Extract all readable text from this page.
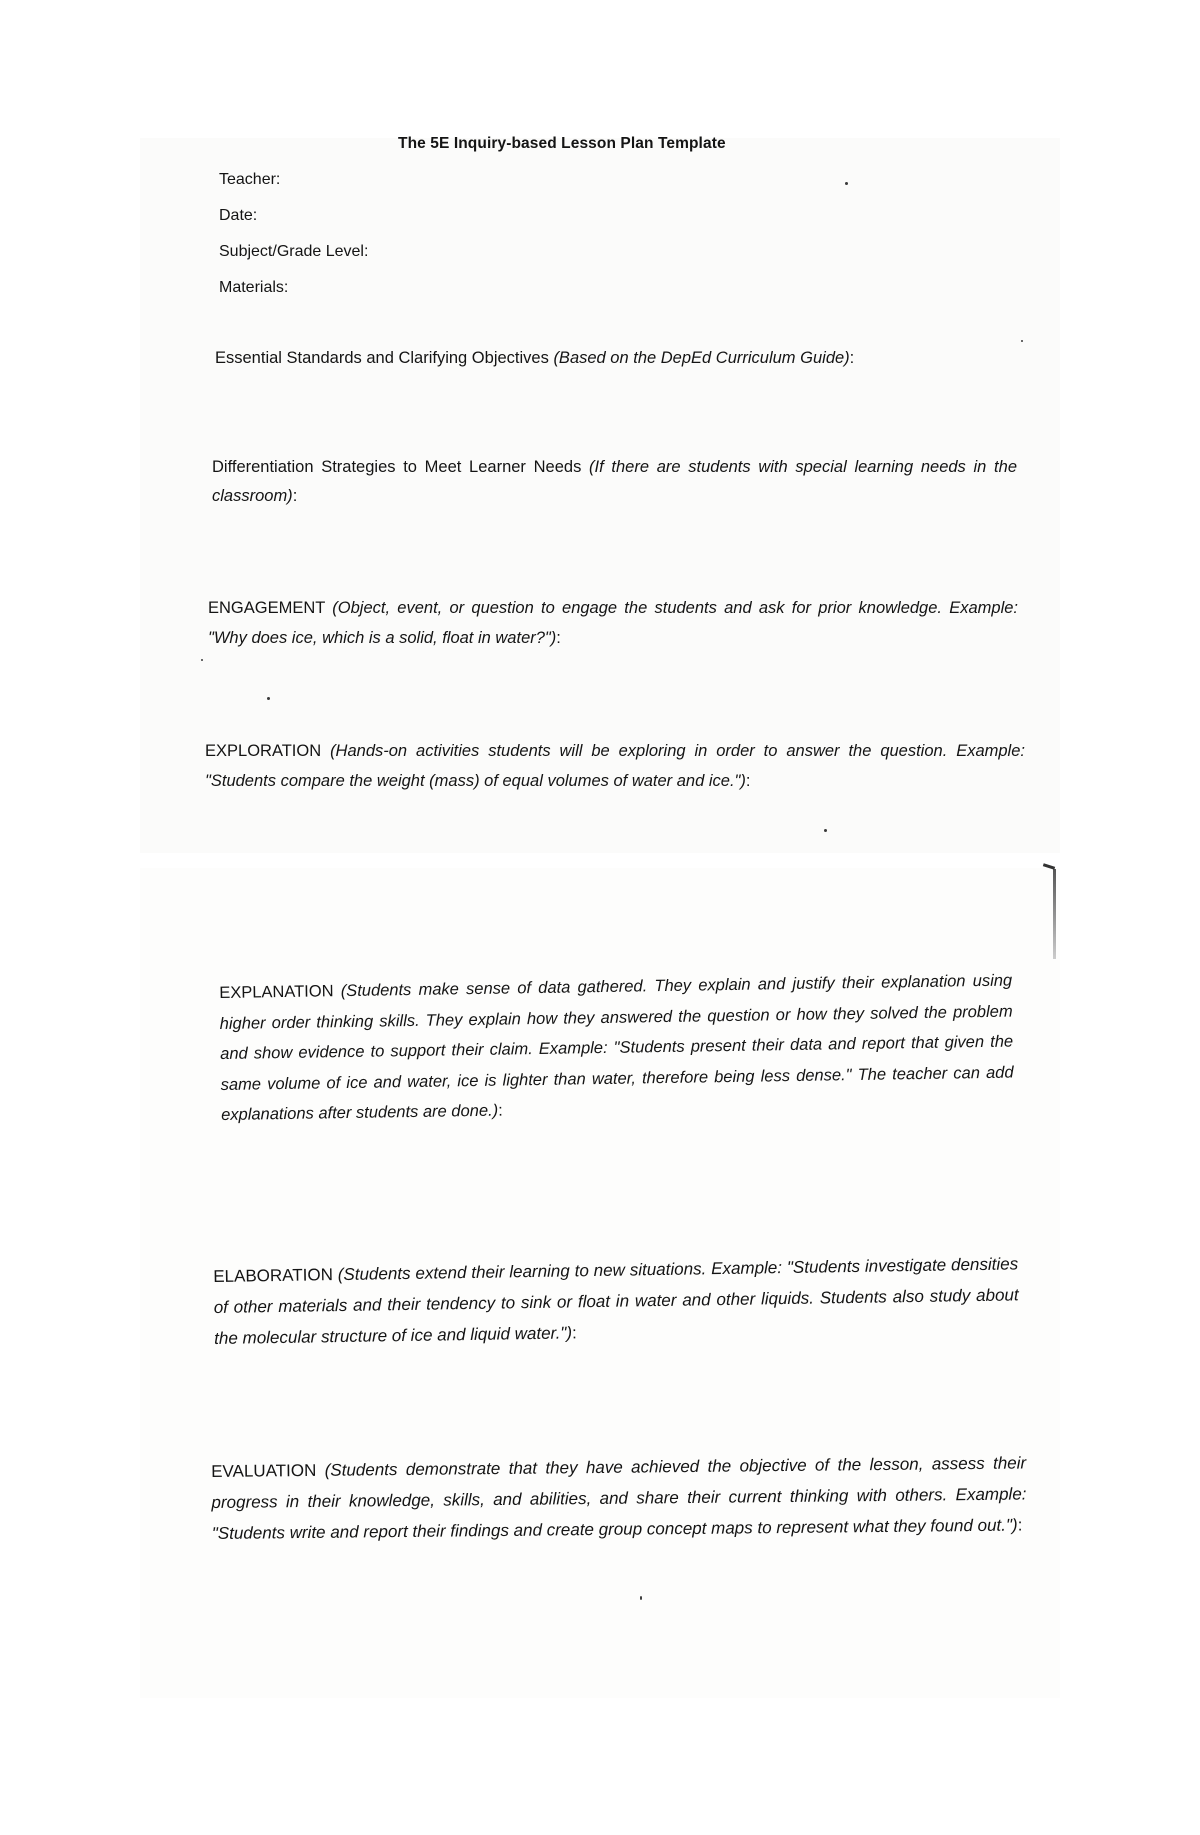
The 5E Inquiry-based Lesson Plan Template
Teacher:
Date:
Subject/Grade Level:
Materials:
Essential Standards and Clarifying Objectives (Based on the DepEd Curriculum Guide):
Differentiation Strategies to Meet Learner Needs (If there are students with special learning needs in the classroom):
ENGAGEMENT (Object, event, or question to engage the students and ask for prior knowledge. Example: "Why does ice, which is a solid, float in water?"):
EXPLORATION (Hands-on activities students will be exploring in order to answer the question. Example: "Students compare the weight (mass) of equal volumes of water and ice."):
EXPLANATION (Students make sense of data gathered. They explain and justify their explanation using higher order thinking skills. They explain how they answered the question or how they solved the problem and show evidence to support their claim. Example: "Students present their data and report that given the same volume of ice and water, ice is lighter than water, therefore being less dense." The teacher can add explanations after students are done.):
ELABORATION (Students extend their learning to new situations. Example: "Students investigate densities of other materials and their tendency to sink or float in water and other liquids. Students also study about the molecular structure of ice and liquid water."):
EVALUATION (Students demonstrate that they have achieved the objective of the lesson, assess their progress in their knowledge, skills, and abilities, and share their current thinking with others. Example: "Students write and report their findings and create group concept maps to represent what they found out."):
